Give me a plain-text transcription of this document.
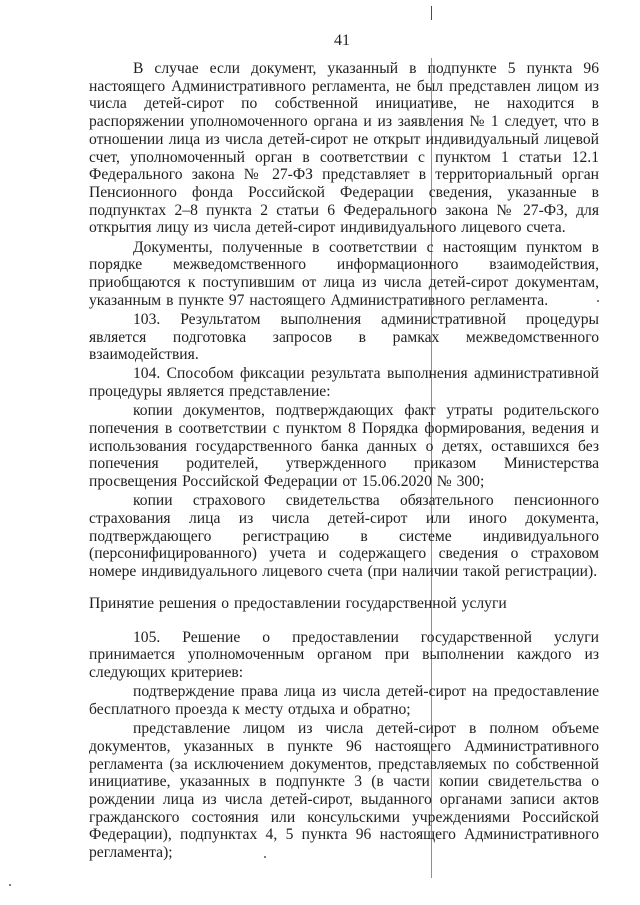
41

В случае если документ, указанный в подпункте 5 пункта 96 настоящего Административного регламента, не был представлен лицом из числа детей-сирот по собственной инициативе, не находится в распоряжении уполномоченного органа и из заявления № 1 следует, что в отношении лица из числа детей-сирот не открыт индивидуальный лицевой счет, уполномоченный орган в соответствии с пунктом 1 статьи 12.1 Федерального закона № 27-ФЗ представляет в территориальный орган Пенсионного фонда Российской Федерации сведения, указанные в подпунктах 2–8 пункта 2 статьи 6 Федерального закона № 27-ФЗ, для открытия лицу из числа детей-сирот индивидуального лицевого счета.

Документы, полученные в соответствии с настоящим пунктом в порядке межведомственного информационного взаимодействия, приобщаются к поступившим от лица из числа детей-сирот документам, указанным в пункте 97 настоящего Административного регламента.

103. Результатом выполнения административной процедуры является подготовка запросов в рамках межведомственного взаимодействия.

104. Способом фиксации результата выполнения административной процедуры является представление:

копии документов, подтверждающих факт утраты родительского попечения в соответствии с пунктом 8 Порядка формирования, ведения и использования государственного банка данных о детях, оставшихся без попечения родителей, утвержденного приказом Министерства просвещения Российской Федерации от 15.06.2020 № 300;

копии страхового свидетельства обязательного пенсионного страхования лица из числа детей-сирот или иного документа, подтверждающего регистрацию в системе индивидуального (персонифицированного) учета и содержащего сведения о страховом номере индивидуального лицевого счета (при наличии такой регистрации).

Принятие решения о предоставлении государственной услуги

105. Решение о предоставлении государственной услуги принимается уполномоченным органом при выполнении каждого из следующих критериев:

подтверждение права лица из числа детей-сирот на предоставление бесплатного проезда к месту отдыха и обратно;

представление лицом из числа детей-сирот в полном объеме документов, указанных в пункте 96 настоящего Административного регламента (за исключением документов, представляемых по собственной инициативе, указанных в подпункте 3 (в части копии свидетельства о рождении лица из числа детей-сирот, выданного органами записи актов гражданского состояния или консульскими учреждениями Российской Федерации), подпунктах 4, 5 пункта 96 настоящего Административного регламента);
